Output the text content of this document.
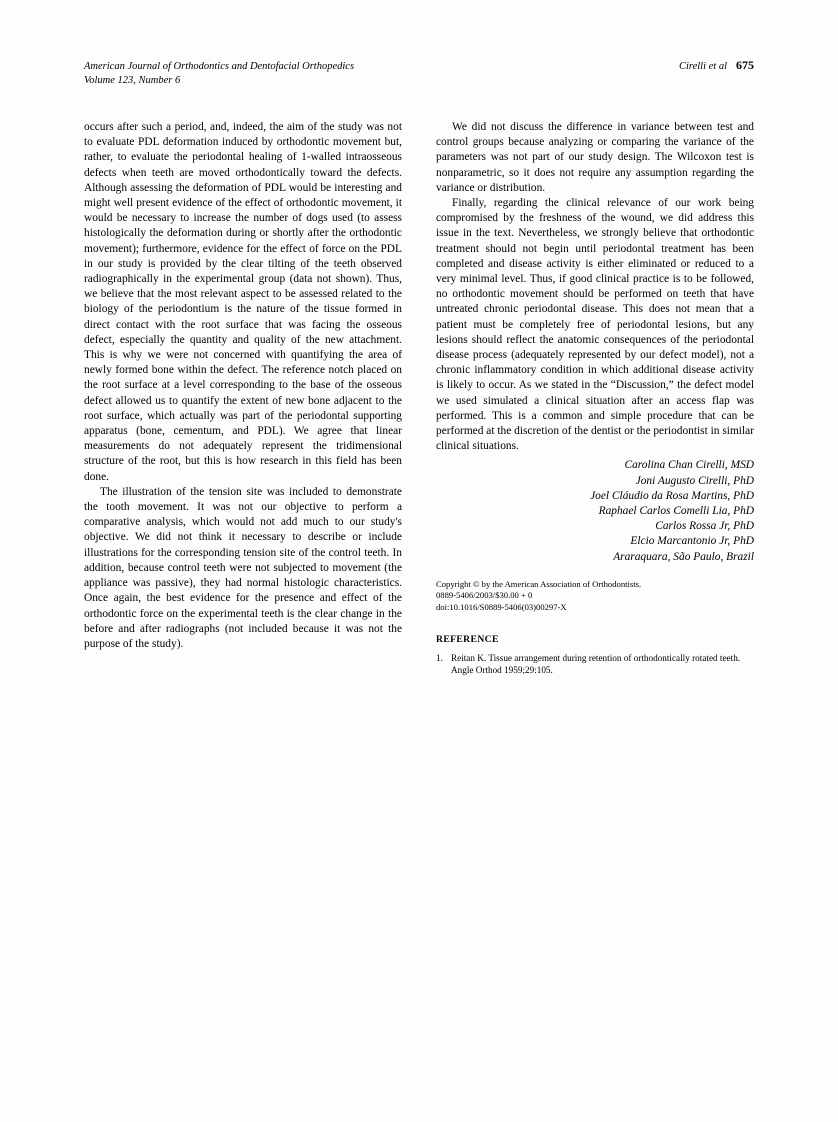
American Journal of Orthodontics and Dentofacial Orthopedics	Cirelli et al 675
Volume 123, Number 6

occurs after such a period, and, indeed, the aim of the study was not to evaluate PDL deformation induced by orthodontic movement but, rather, to evaluate the periodontal healing of 1-walled intraosseous defects when teeth are moved orthodontically toward the defects. Although assessing the deformation of PDL would be interesting and might well present evidence of the effect of orthodontic movement, it would be necessary to increase the number of dogs used (to assess histologically the deformation during or shortly after the orthodontic movement); furthermore, evidence for the effect of force on the PDL in our study is provided by the clear tilting of the teeth observed radiographically in the experimental group (data not shown). Thus, we believe that the most relevant aspect to be assessed related to the biology of the periodontium is the nature of the tissue formed in direct contact with the root surface that was facing the osseous defect, especially the quantity and quality of the new attachment. This is why we were not concerned with quantifying the area of newly formed bone within the defect. The reference notch placed on the root surface at a level corresponding to the base of the osseous defect allowed us to quantify the extent of new bone adjacent to the root surface, which actually was part of the periodontal supporting apparatus (bone, cementum, and PDL). We agree that linear measurements do not adequately represent the tridimensional structure of the root, but this is how research in this field has been done.

The illustration of the tension site was included to demonstrate the tooth movement. It was not our objective to perform a comparative analysis, which would not add much to our study's objective. We did not think it necessary to describe or include illustrations for the corresponding tension site of the control teeth. In addition, because control teeth were not subjected to movement (the appliance was passive), they had normal histologic characteristics. Once again, the best evidence for the presence and effect of the orthodontic force on the experimental teeth is the clear change in the before and after radiographs (not included because it was not the purpose of the study).

We did not discuss the difference in variance between test and control groups because analyzing or comparing the variance of the parameters was not part of our study design. The Wilcoxon test is nonparametric, so it does not require any assumption regarding the variance or distribution.

Finally, regarding the clinical relevance of our work being compromised by the freshness of the wound, we did address this issue in the text. Nevertheless, we strongly believe that orthodontic treatment should not begin until periodontal treatment has been completed and disease activity is either eliminated or reduced to a very minimal level. Thus, if good clinical practice is to be followed, no orthodontic movement should be performed on teeth that have untreated chronic periodontal disease. This does not mean that a patient must be completely free of periodontal lesions, but any lesions should reflect the anatomic consequences of the periodontal disease process (adequately represented by our defect model), not a chronic inflammatory condition in which additional disease activity is likely to occur. As we stated in the “Discussion,” the defect model we used simulated a clinical situation after an access flap was performed. This is a common and simple procedure that can be performed at the discretion of the dentist or the periodontist in similar clinical situations.

Carolina Chan Cirelli, MSD
Joni Augusto Cirelli, PhD
Joel Cláudio da Rosa Martins, PhD
Raphael Carlos Comelli Lia, PhD
Carlos Rossa Jr, PhD
Elcio Marcantonio Jr, PhD
Araraquara, São Paulo, Brazil
Copyright © by the American Association of Orthodontists.
0889-5406/2003/$30.00 + 0
doi:10.1016/S0889-5406(03)00297-X
REFERENCE
1. Reitan K. Tissue arrangement during retention of orthodontically rotated teeth. Angle Orthod 1959;29:105.
